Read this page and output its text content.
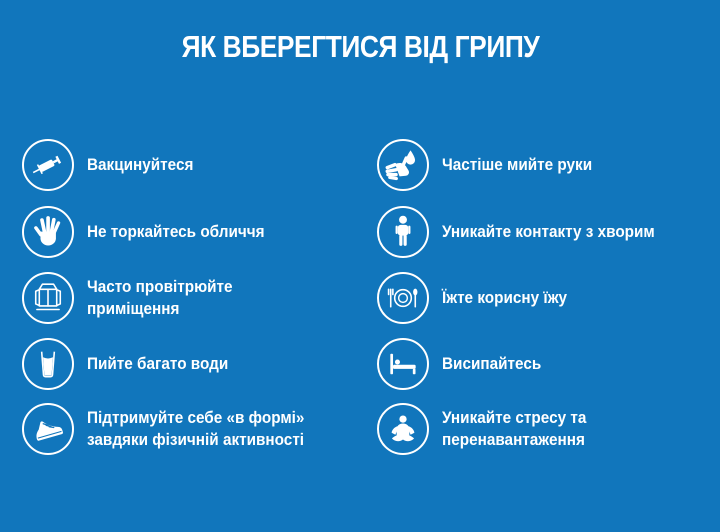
ЯК ВБЕРЕГТИСЯ ВІД ГРИПУ
Вакцинуйтеся
Не торкайтесь обличчя
Часто провітрюйте приміщення
Пийте багато води
Підтримуйте себе «в формі» завдяки фізичній активності
Частіше мийте руки
Уникайте контакту з хворим
Їжте корисну їжу
Висипайтесь
Уникайте стресу та перенавантаження
